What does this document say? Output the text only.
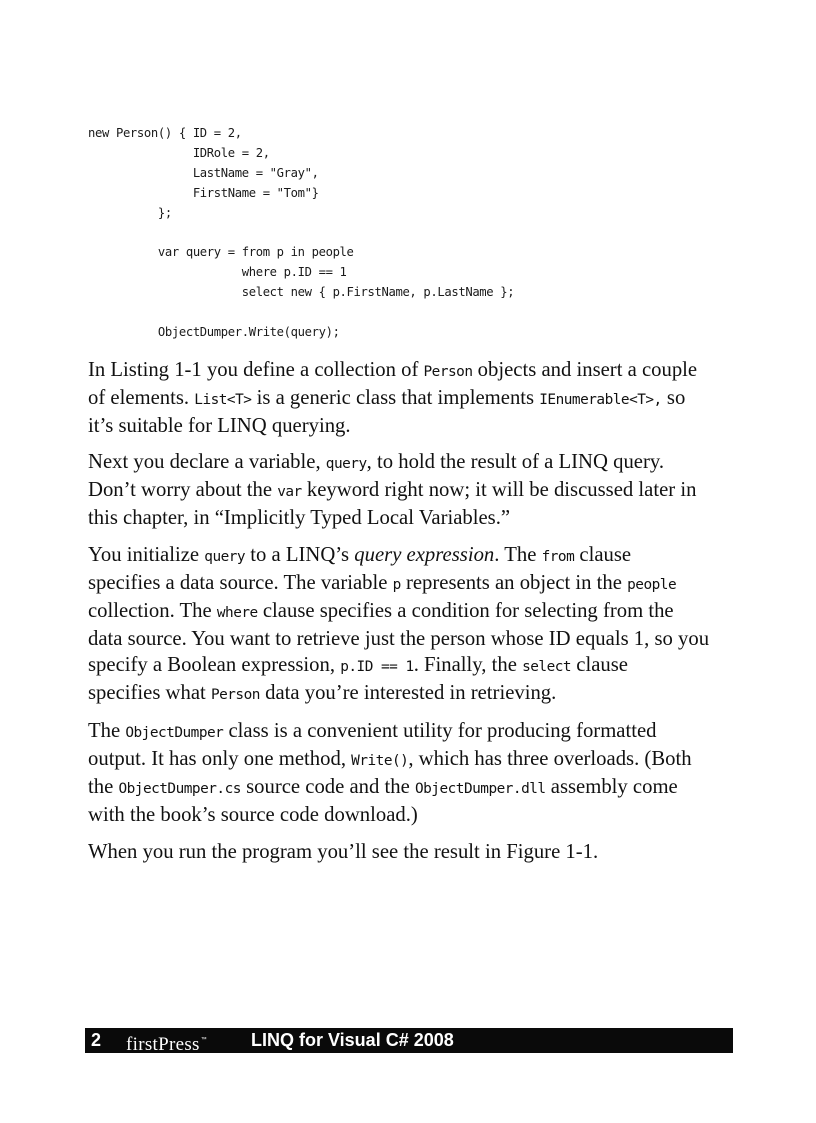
new Person() { ID = 2,
IDRole = 2,
LastName = "Gray",
FirstName = "Tom"}
};
var query = from p in people
where p.ID == 1
select new { p.FirstName, p.LastName };
ObjectDumper.Write(query);

In Listing 1-1 you define a collection of Person objects and insert a couple
of elements. List<T> is a generic class that implements IEnumerable<T>, so
it’s suitable for LINQ querying.

Next you declare a variable, query, to hold the result of a LINQ query.
Don’t worry about the var keyword right now; it will be discussed later in
this chapter, in “Implicitly Typed Local Variables.”

You initialize query to a LINQ’s query expression. The from clause
specifies a data source. The variable p represents an object in the people
collection. The where clause specifies a condition for selecting from the
data source. You want to retrieve just the person whose ID equals 1, so you
specify a Boolean expression, p.ID == 1. Finally, the select clause
specifies what Person data you’re interested in retrieving.

The ObjectDumper class is a convenient utility for producing formatted
output. It has only one method, Write(), which has three overloads. (Both
the ObjectDumper.cs source code and the ObjectDumper.dll assembly come
with the book’s source code download.)

When you run the program you’ll see the result in Figure 1-1.

2 firstPress™ LINQ for Visual C# 2008
